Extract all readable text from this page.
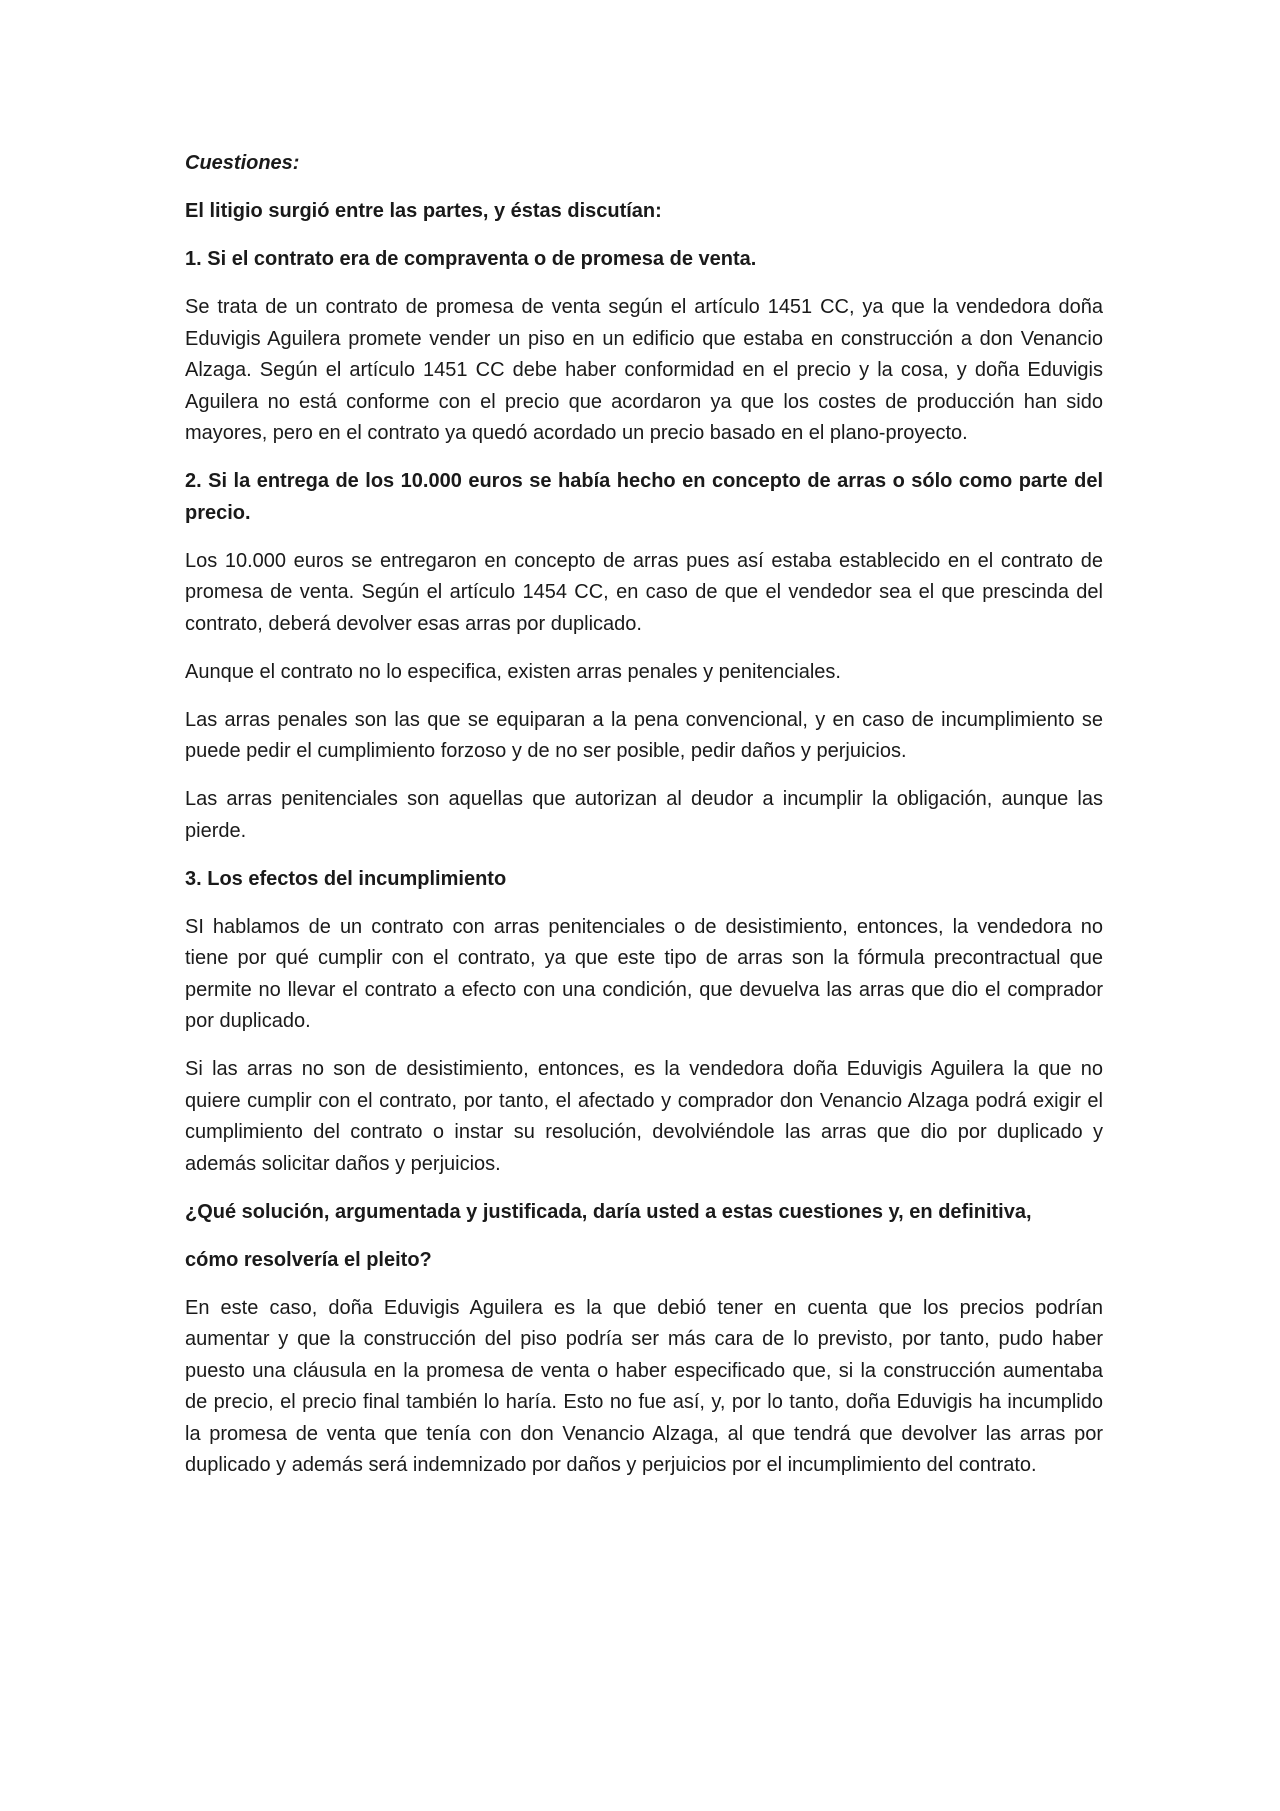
Cuestiones:

El litigio surgió entre las partes, y éstas discutían:

1. Si el contrato era de compraventa o de promesa de venta.

Se trata de un contrato de promesa de venta según el artículo 1451 CC, ya que la vendedora doña Eduvigis Aguilera promete vender un piso en un edificio que estaba en construcción a don Venancio Alzaga. Según el artículo 1451 CC debe haber conformidad en el precio y la cosa, y doña Eduvigis Aguilera no está conforme con el precio que acordaron ya que los costes de producción han sido mayores, pero en el contrato ya quedó acordado un precio basado en el plano-proyecto.

2. Si la entrega de los 10.000 euros se había hecho en concepto de arras o sólo como parte del precio.

Los 10.000 euros se entregaron en concepto de arras pues así estaba establecido en el contrato de promesa de venta. Según el artículo 1454 CC, en caso de que el vendedor sea el que prescinda del contrato, deberá devolver esas arras por duplicado.

Aunque el contrato no lo especifica, existen arras penales y penitenciales.

Las arras penales son las que se equiparan a la pena convencional, y en caso de incumplimiento se puede pedir el cumplimiento forzoso y de no ser posible, pedir daños y perjuicios.

Las arras penitenciales son aquellas que autorizan al deudor a incumplir la obligación, aunque las pierde.

3. Los efectos del incumplimiento

SI hablamos de un contrato con arras penitenciales o de desistimiento, entonces, la vendedora no tiene por qué cumplir con el contrato, ya que este tipo de arras son la fórmula precontractual que permite no llevar el contrato a efecto con una condición, que devuelva las arras que dio el comprador por duplicado.

Si las arras no son de desistimiento, entonces, es la vendedora doña Eduvigis Aguilera la que no quiere cumplir con el contrato, por tanto, el afectado y comprador don Venancio Alzaga podrá exigir el cumplimiento del contrato o instar su resolución, devolviéndole las arras que dio por duplicado y además solicitar daños y perjuicios.

¿Qué solución, argumentada y justificada, daría usted a estas cuestiones y, en definitiva,

cómo resolvería el pleito?

En este caso, doña Eduvigis Aguilera es la que debió tener en cuenta que los precios podrían aumentar y que la construcción del piso podría ser más cara de lo previsto, por tanto, pudo haber puesto una cláusula en la promesa de venta o haber especificado que, si la construcción aumentaba de precio, el precio final también lo haría. Esto no fue así, y, por lo tanto, doña Eduvigis ha incumplido la promesa de venta que tenía con don Venancio Alzaga, al que tendrá que devolver las arras por duplicado y además será indemnizado por daños y perjuicios por el incumplimiento del contrato.
